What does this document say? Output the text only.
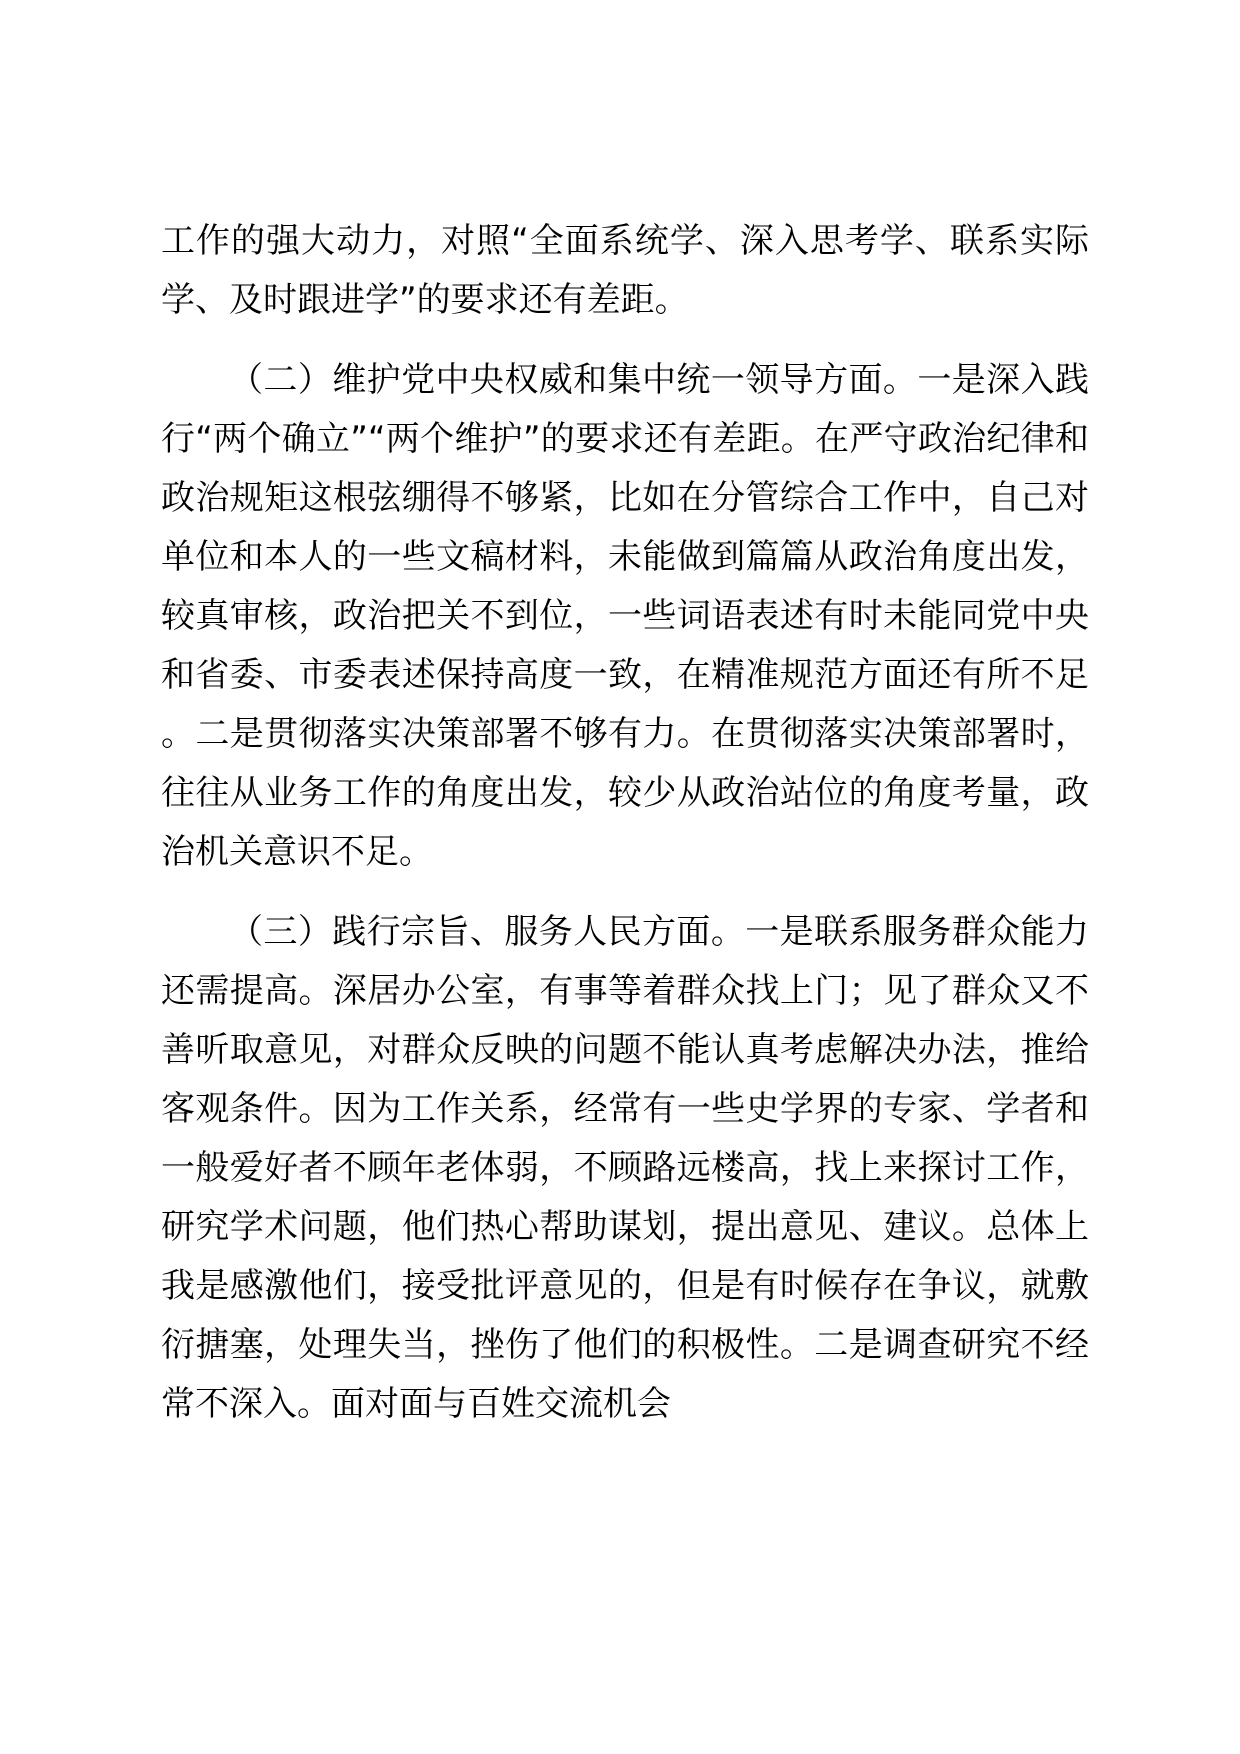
工作的强大动力，对照“全面系统学、深入思考学、联系实际学、及时跟进学”的要求还有差距。

（二）维护党中央权威和集中统一领导方面。一是深入践行“两个确立”“两个维护”的要求还有差距。在严守政治纪律和政治规矩这根弦绷得不够紧，比如在分管综合工作中，自己对单位和本人的一些文稿材料，未能做到篇篇从政治角度出发，较真审核，政治把关不到位，一些词语表述有时未能同党中央和省委、市委表述保持高度一致，在精准规范方面还有所不足。二是贯彻落实决策部署不够有力。在贯彻落实决策部署时，往往从业务工作的角度出发，较少从政治站位的角度考量，政治机关意识不足。

（三）践行宗旨、服务人民方面。一是联系服务群众能力还需提高。深居办公室，有事等着群众找上门；见了群众又不善听取意见，对群众反映的问题不能认真考虑解决办法，推给客观条件。因为工作关系，经常有一些史学界的专家、学者和一般爱好者不顾年老体弱，不顾路远楼高，找上来探讨工作，研究学术问题，他们热心帮助谋划，提出意见、建议。总体上我是感激他们，接受批评意见的，但是有时候存在争议，就敷衍搪塞，处理失当，挫伤了他们的积极性。二是调查研究不经常不深入。面对面与百姓交流机会
